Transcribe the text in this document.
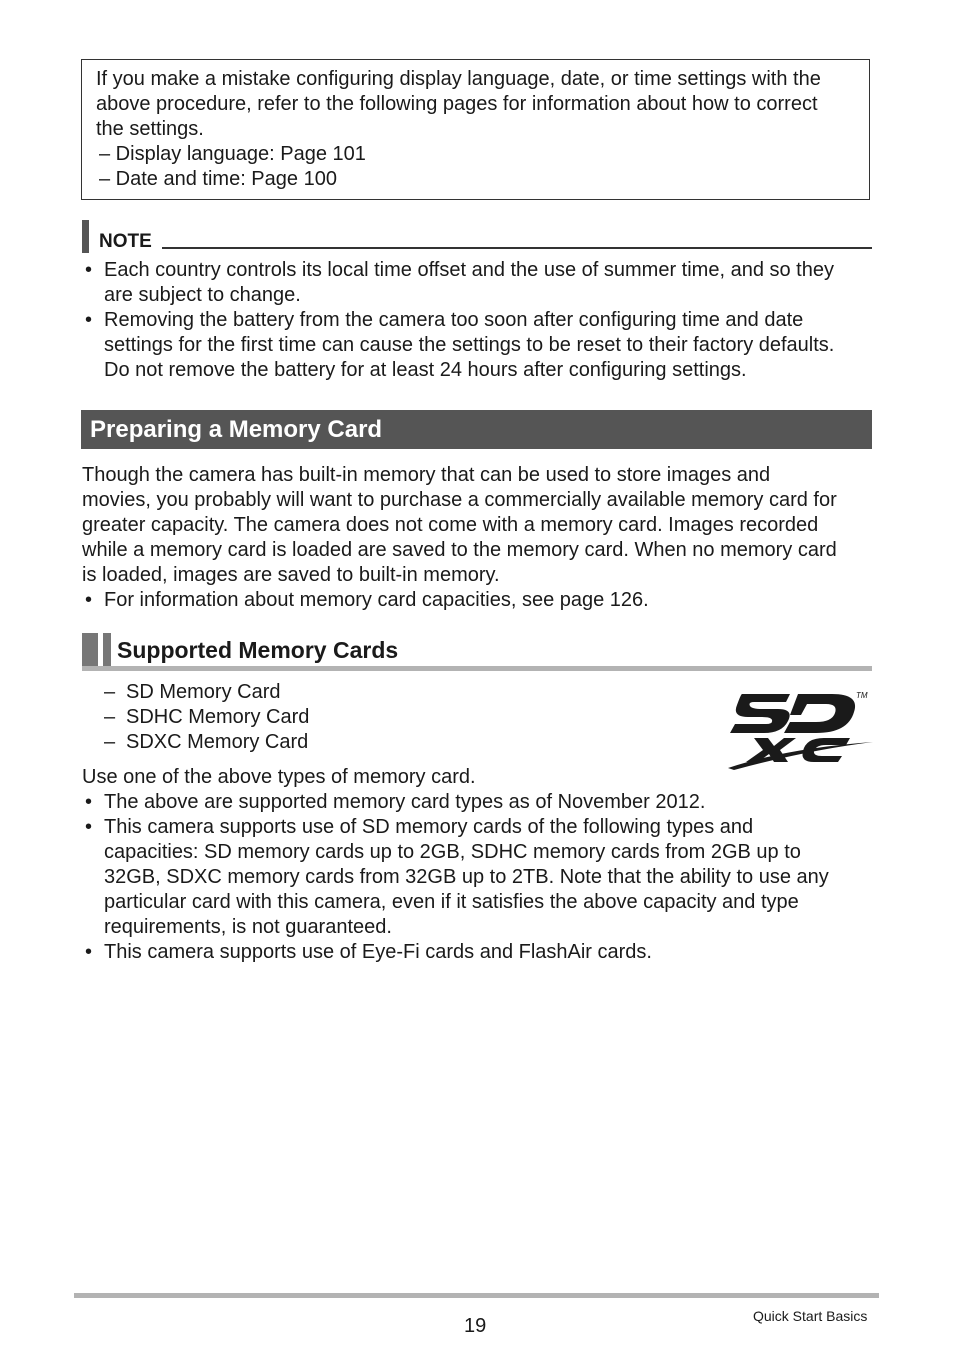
If you make a mistake configuring display language, date, or time settings with the
above procedure, refer to the following pages for information about how to correct
the settings.
– Display language: Page 101
– Date and time: Page 100
NOTE
• Each country controls its local time offset and the use of summer time, and so they
are subject to change.
• Removing the battery from the camera too soon after configuring time and date
settings for the first time can cause the settings to be reset to their factory defaults.
Do not remove the battery for at least 24 hours after configuring settings.
Preparing a Memory Card
Though the camera has built-in memory that can be used to store images and
movies, you probably will want to purchase a commercially available memory card for
greater capacity. The camera does not come with a memory card. Images recorded
while a memory card is loaded are saved to the memory card. When no memory card
is loaded, images are saved to built-in memory.
• For information about memory card capacities, see page 126.
Supported Memory Cards
– SD Memory Card
– SDHC Memory Card
– SDXC Memory Card
TM
Use one of the above types of memory card.
• The above are supported memory card types as of November 2012.
• This camera supports use of SD memory cards of the following types and
capacities: SD memory cards up to 2GB, SDHC memory cards from 2GB up to
32GB, SDXC memory cards from 32GB up to 2TB. Note that the ability to use any
particular card with this camera, even if it satisfies the above capacity and type
requirements, is not guaranteed.
• This camera supports use of Eye-Fi cards and FlashAir cards.
19	Quick Start Basics
